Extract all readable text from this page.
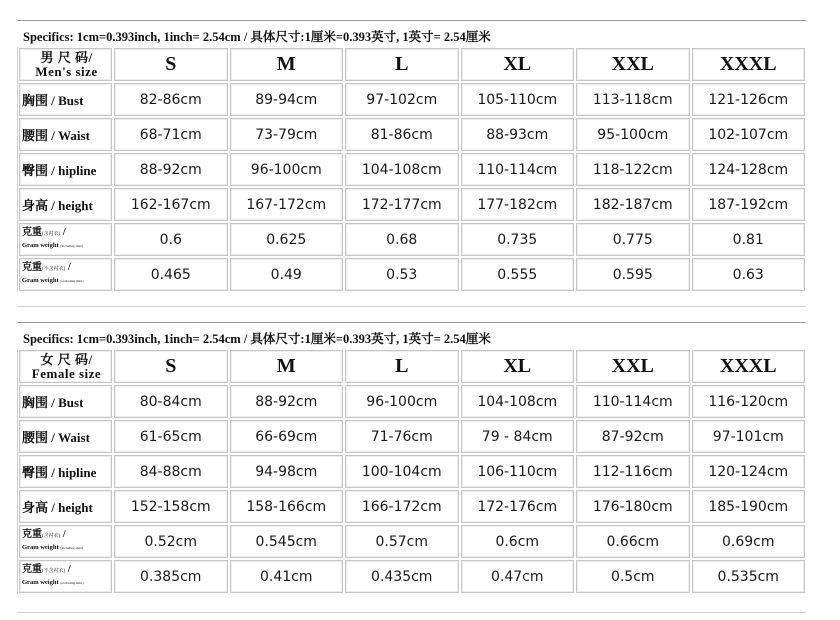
Specifics: 1cm=0.393inch, 1inch= 2.54cm / 具体尺寸:1厘米=0.393英寸, 1英寸= 2.54厘米
男 尺 码/
Men's size	S	M	L	XL	XXL	XXXL
胸围 / Bust	82-86cm	89-94cm	97-102cm	105-110cm	113-118cm	121-126cm
腰围 / Waist	68-71cm	73-79cm	81-86cm	88-93cm	95-100cm	102-107cm
臀围 / hipline	88-92cm	96-100cm	104-108cm	110-114cm	118-122cm	124-128cm
身高 / height	162-167cm	167-172cm	172-177cm	177-182cm	182-187cm	187-192cm
克重(含衬衣) /
Gram weight (including shirt)	0.6	0.625	0.68	0.735	0.775	0.81
克重(不含衬衣) /
Gram weight (excluding shirt)	0.465	0.49	0.53	0.555	0.595	0.63
Specifics: 1cm=0.393inch, 1inch= 2.54cm / 具体尺寸:1厘米=0.393英寸, 1英寸= 2.54厘米
女 尺 码/
Female size	S	M	L	XL	XXL	XXXL
胸围 / Bust	80-84cm	88-92cm	96-100cm	104-108cm	110-114cm	116-120cm
腰围 / Waist	61-65cm	66-69cm	71-76cm	79 - 84cm	87-92cm	97-101cm
臀围 / hipline	84-88cm	94-98cm	100-104cm	106-110cm	112-116cm	120-124cm
身高 / height	152-158cm	158-166cm	166-172cm	172-176cm	176-180cm	185-190cm
克重(含衬衣) /
Gram weight (including shirt)	0.52cm	0.545cm	0.57cm	0.6cm	0.66cm	0.69cm
克重(不含衬衣) /
Gram weight (excluding shirt)	0.385cm	0.41cm	0.435cm	0.47cm	0.5cm	0.535cm
